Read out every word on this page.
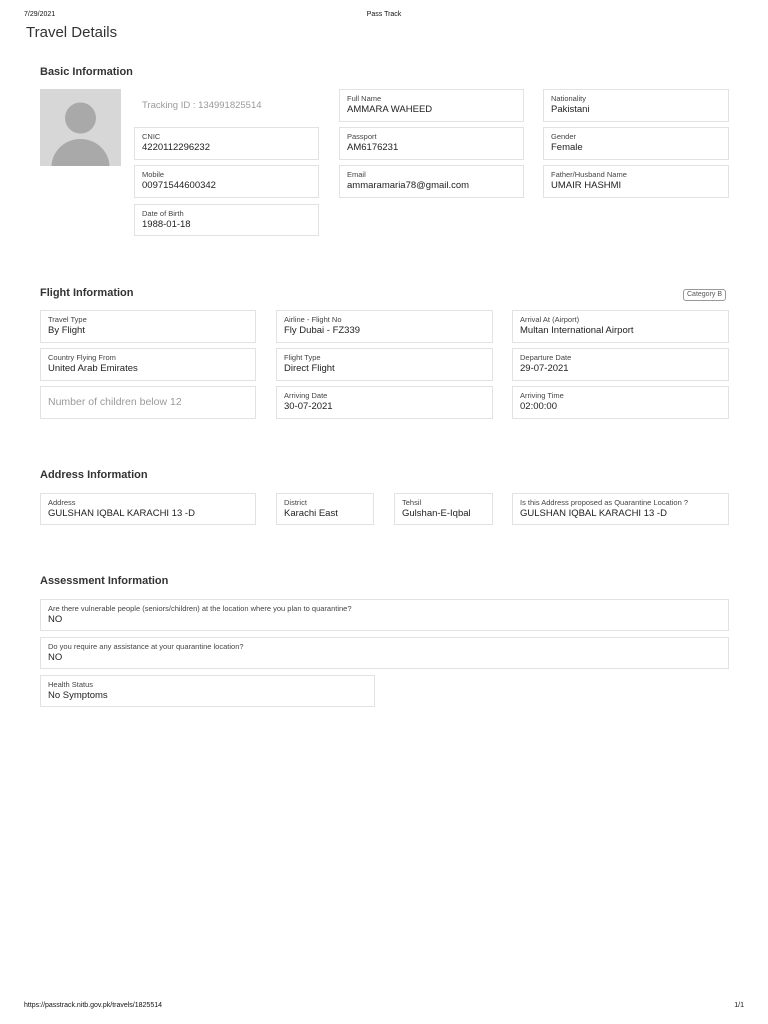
7/29/2021	Pass Track
https://passtrack.nitb.gov.pk/travels/1825514	1/1
Travel Details
Basic Information
Tracking ID : 134991825514
Full Name
AMMARA WAHEED
Nationality
Pakistani
CNIC
4220112296232
Passport
AM6176231
Gender
Female
Mobile
00971544600342
Email
ammaramaria78@gmail.com
Father/Husband Name
UMAIR HASHMI
Date of Birth
1988-01-18
Flight Information	Category B
Travel Type
By Flight
Airline - Flight No
Fly Dubai - FZ339
Arrival At (Airport)
Multan International Airport
Country Flying From
United Arab Emirates
Flight Type
Direct Flight
Departure Date
29-07-2021
Number of children below 12
Arriving Date
30-07-2021
Arriving Time
02:00:00
Address Information
Address
GULSHAN IQBAL KARACHI 13 -D
District
Karachi East
Tehsil
Gulshan-E-Iqbal
Is this Address proposed as Quarantine Location ?
GULSHAN IQBAL KARACHI 13 -D
Assessment Information
Are there vulnerable people (seniors/children) at the location where you plan to quarantine?
NO
Do you require any assistance at your quarantine location?
NO
Health Status
No Symptoms
